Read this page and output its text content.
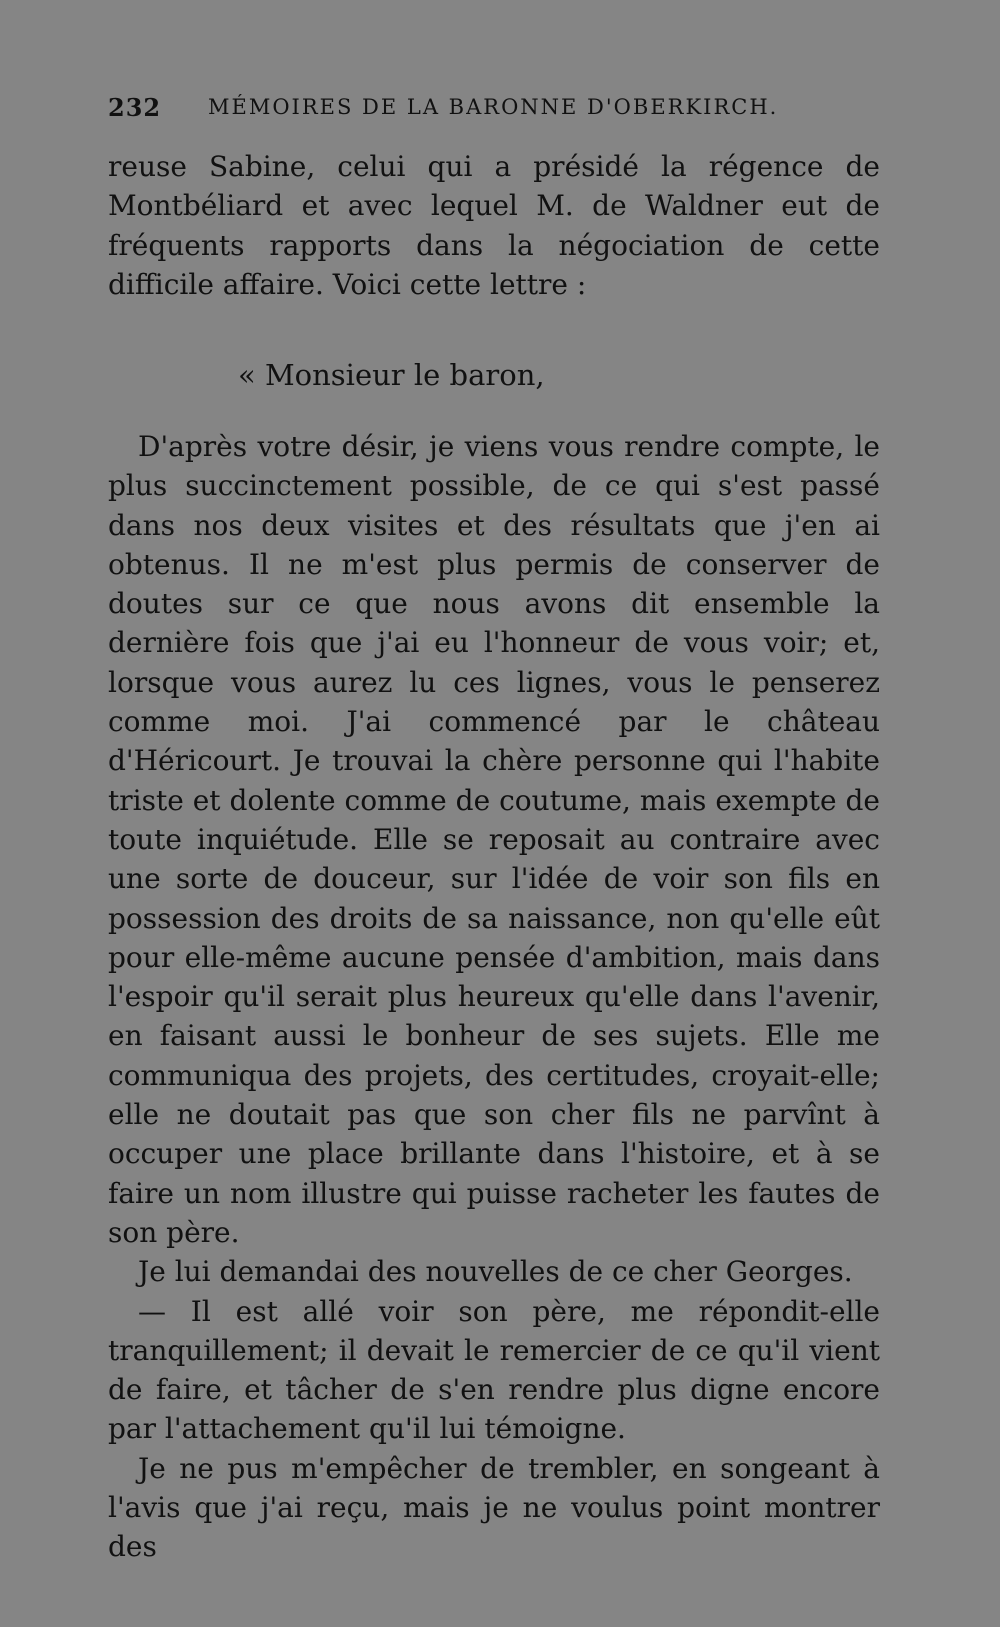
232 MÉMOIRES DE LA BARONNE D'OBERKIRCH.

reuse Sabine, celui qui a présidé la régence de Montbéliard et avec lequel M. de Waldner eut de fréquents rapports dans la négociation de cette difficile affaire. Voici cette lettre :

« Monsieur le baron,

D'après votre désir, je viens vous rendre compte, le plus succinctement possible, de ce qui s'est passé dans nos deux visites et des résultats que j'en ai obtenus. Il ne m'est plus permis de conserver de doutes sur ce que nous avons dit ensemble la dernière fois que j'ai eu l'honneur de vous voir; et, lorsque vous aurez lu ces lignes, vous le penserez comme moi. J'ai commencé par le château d'Héricourt. Je trouvai la chère personne qui l'habite triste et dolente comme de coutume, mais exempte de toute inquiétude. Elle se reposait au contraire avec une sorte de douceur, sur l'idée de voir son fils en possession des droits de sa naissance, non qu'elle eût pour elle-même aucune pensée d'ambition, mais dans l'espoir qu'il serait plus heureux qu'elle dans l'avenir, en faisant aussi le bonheur de ses sujets. Elle me communiqua des projets, des certitudes, croyait-elle; elle ne doutait pas que son cher fils ne parvînt à occuper une place brillante dans l'histoire, et à se faire un nom illustre qui puisse racheter les fautes de son père.

Je lui demandai des nouvelles de ce cher Georges.

— Il est allé voir son père, me répondit-elle tranquillement; il devait le remercier de ce qu'il vient de faire, et tâcher de s'en rendre plus digne encore par l'attachement qu'il lui témoigne.

Je ne pus m'empêcher de trembler, en songeant à l'avis que j'ai reçu, mais je ne voulus point montrer des
